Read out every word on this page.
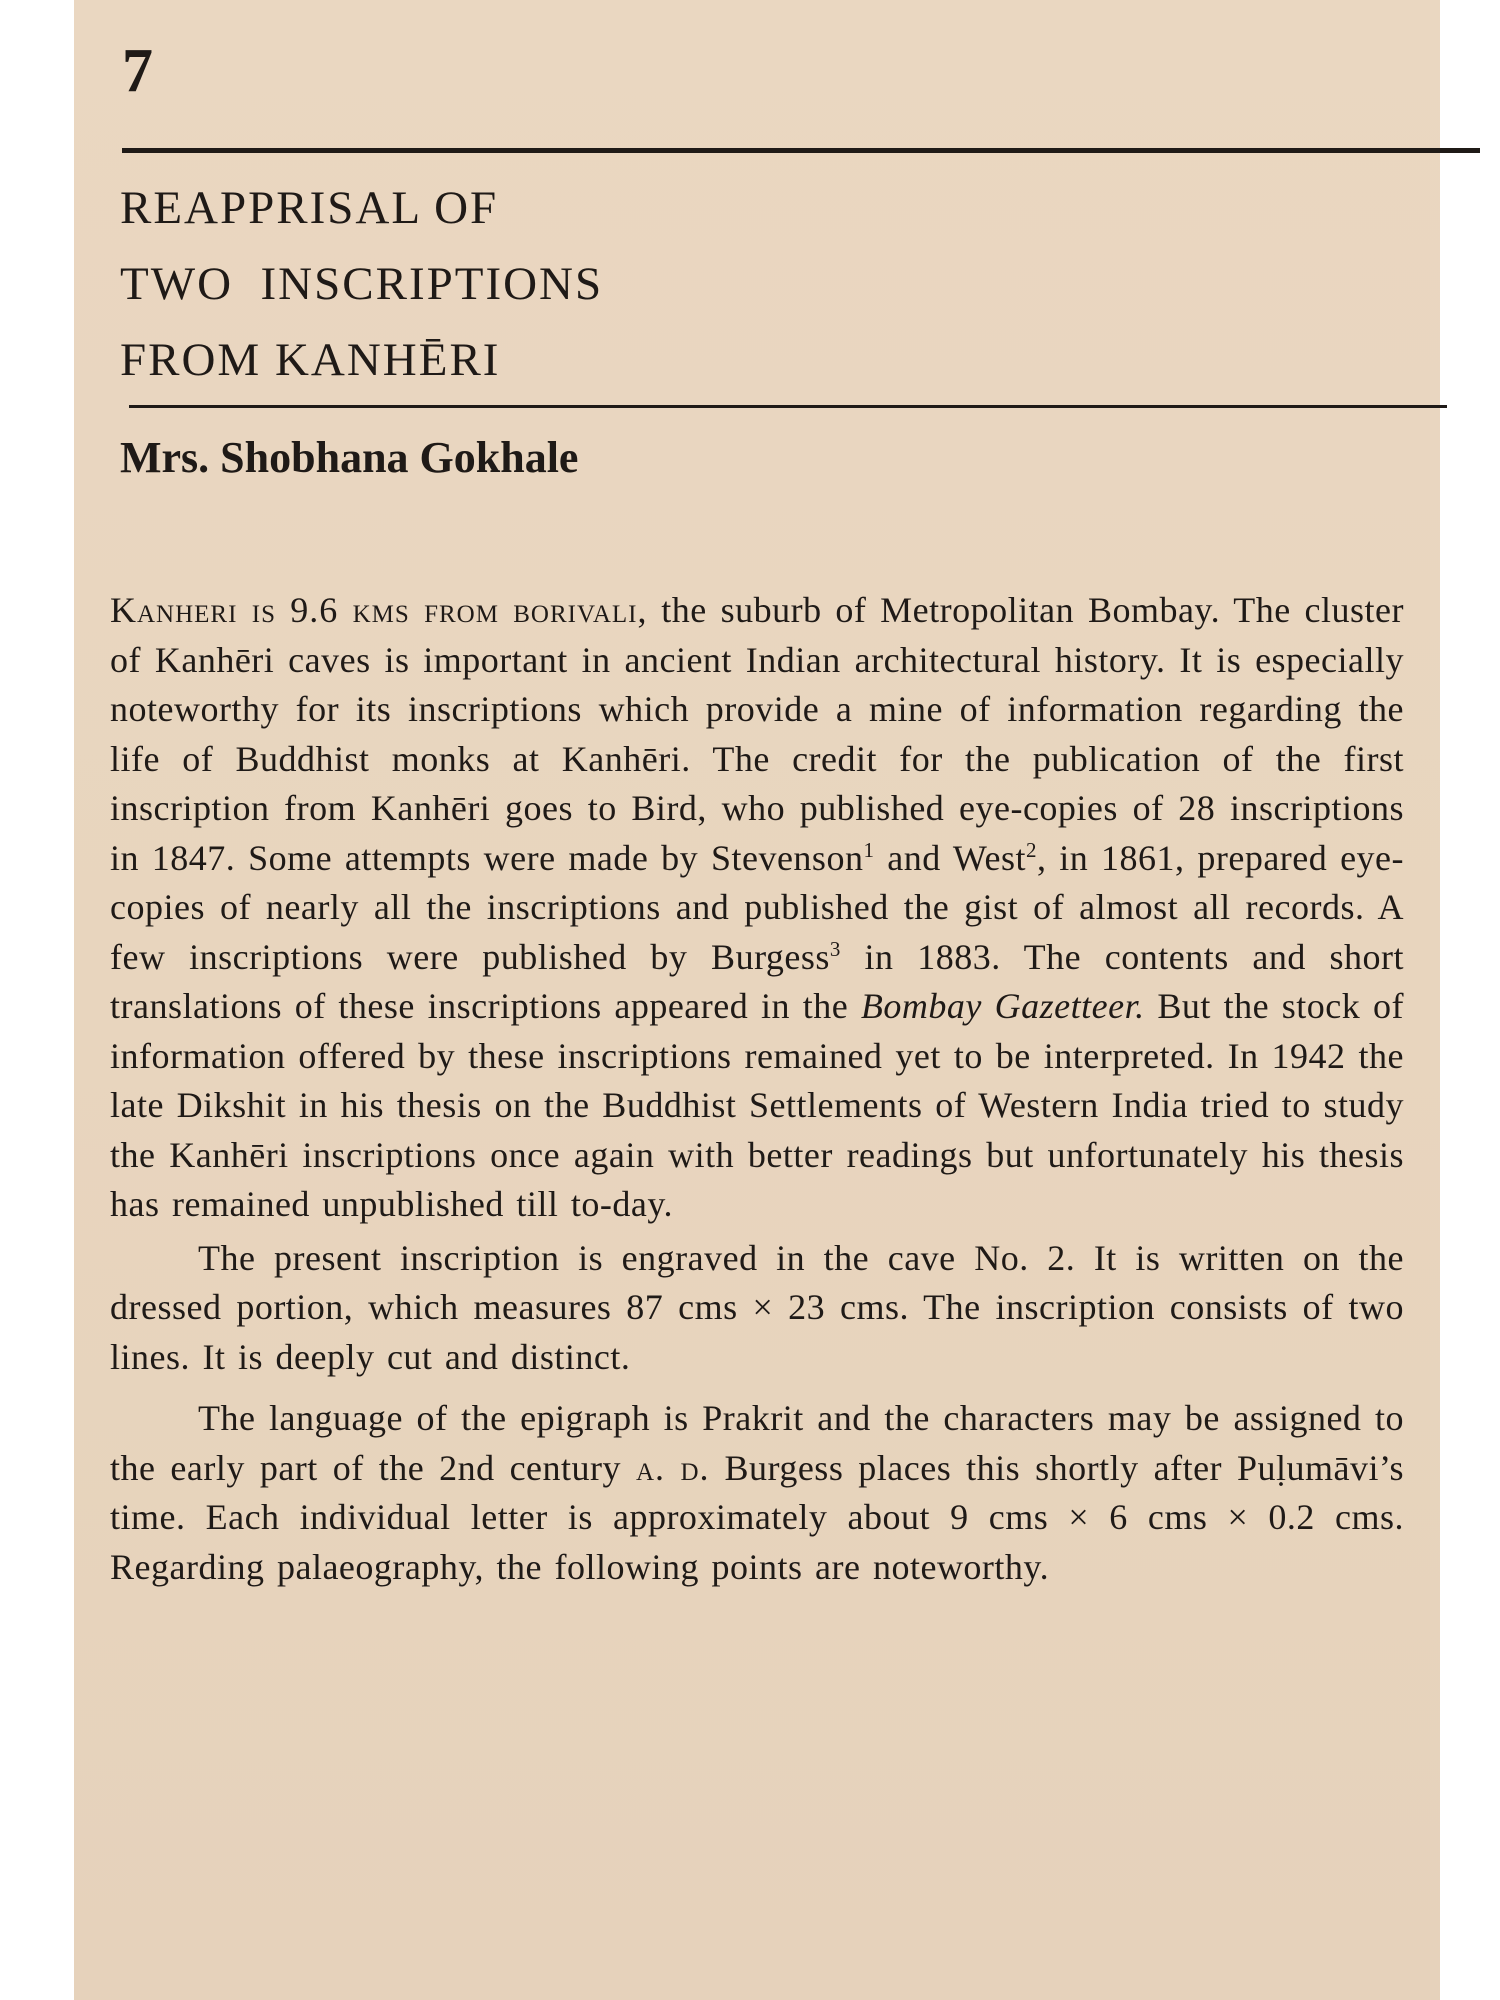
7
REAPPRISAL OF
TWO  INSCRIPTIONS
FROM KANHĒRI

Mrs. Shobhana Gokhale

Kanheri is 9.6 kms from borivali, the suburb of Metropolitan Bombay. The cluster of Kanhēri caves is important in ancient Indian architectural history. It is especially noteworthy for its inscriptions which provide a mine of information regarding the life of Buddhist monks at Kanhēri. The credit for the publication of the first inscription from Kanhēri goes to Bird, who published eye-copies of 28 inscriptions in 1847. Some attempts were made by Stevenson$^1$ and West$^2$, in 1861, prepared eye-copies of nearly all the inscriptions and published the gist of almost all records. A few inscriptions were published by Burgess$^3$ in 1883. The contents and short translations of these inscriptions appeared in the Bombay Gazetteer. But the stock of information offered by these inscriptions remained yet to be interpreted. In 1942 the late Dikshit in his thesis on the Buddhist Settlements of Western India tried to study the Kanhēri inscriptions once again with better readings but unfortunately his thesis has remained unpublished till to-day.

The present inscription is engraved in the cave No. 2. It is written on the dressed portion, which measures 87 cms × 23 cms. The inscription consists of two lines. It is deeply cut and distinct.

The language of the epigraph is Prakrit and the characters may be assigned to the early part of the 2nd century a. d. Burgess places this shortly after Puḷumāvi’s time. Each individual letter is approximately about 9 cms × 6 cms × 0.2 cms. Regarding palaeography, the following points are noteworthy.
